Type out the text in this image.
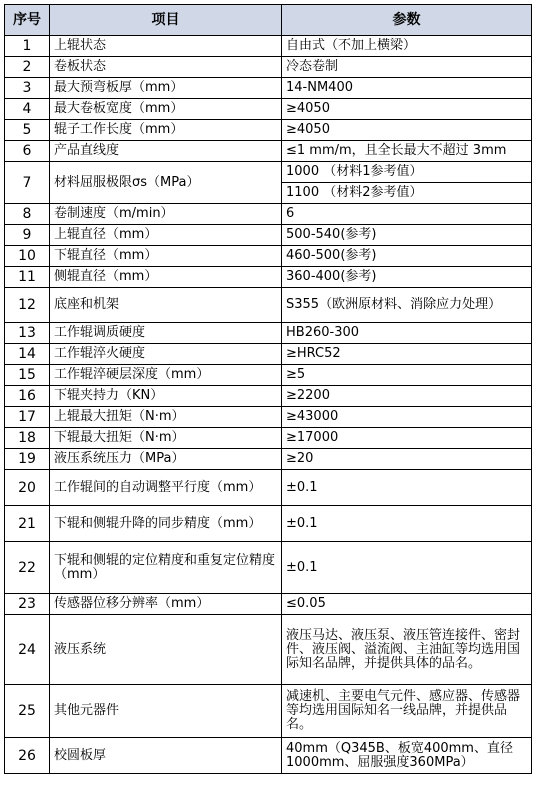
序号	项目	参数
1	上辊状态	自由式（不加上横梁）
2	卷板状态	冷态卷制
3	最大预弯板厚（mm）	14-NM400
4	最大卷板宽度（mm）	≥4050
5	辊子工作长度（mm）	≥4050
6	产品直线度	≤1 mm/m，且全长最大不超过 3mm
7	材料屈服极限σs（MPa）	1000 （材料1参考值）
		1100 （材料2参考值）
8	卷制速度（m/min）	6
9	上辊直径（mm）	500-540(参考)
10	下辊直径（mm）	460-500(参考)
11	侧辊直径（mm）	360-400(参考)
12	底座和机架	S355（欧洲原材料、消除应力处理）
13	工作辊调质硬度	HB260-300
14	工作辊淬火硬度	≥HRC52
15	工作辊淬硬层深度（mm）	≥5
16	下辊夹持力（KN）	≥2200
17	上辊最大扭矩（N·m）	≥43000
18	下辊最大扭矩（N·m）	≥17000
19	液压系统压力（MPa）	≥20
20	工作辊间的自动调整平行度（mm）	±0.1
21	下辊和侧辊升降的同步精度（mm）	±0.1
22	下辊和侧辊的定位精度和重复定位精度（mm）	±0.1
23	传感器位移分辨率（mm）	≤0.05
24	液压系统	液压马达、液压泵、液压管连接件、密封件、液压阀、溢流阀、主油缸等均选用国际知名品牌，并提供具体的品名。
25	其他元器件	减速机、主要电气元件、感应器、传感器等均选用国际知名一线品牌，并提供品名。
26	校圆板厚	40mm（Q345B、板宽400mm、直径1000mm、屈服强度360MPa）
